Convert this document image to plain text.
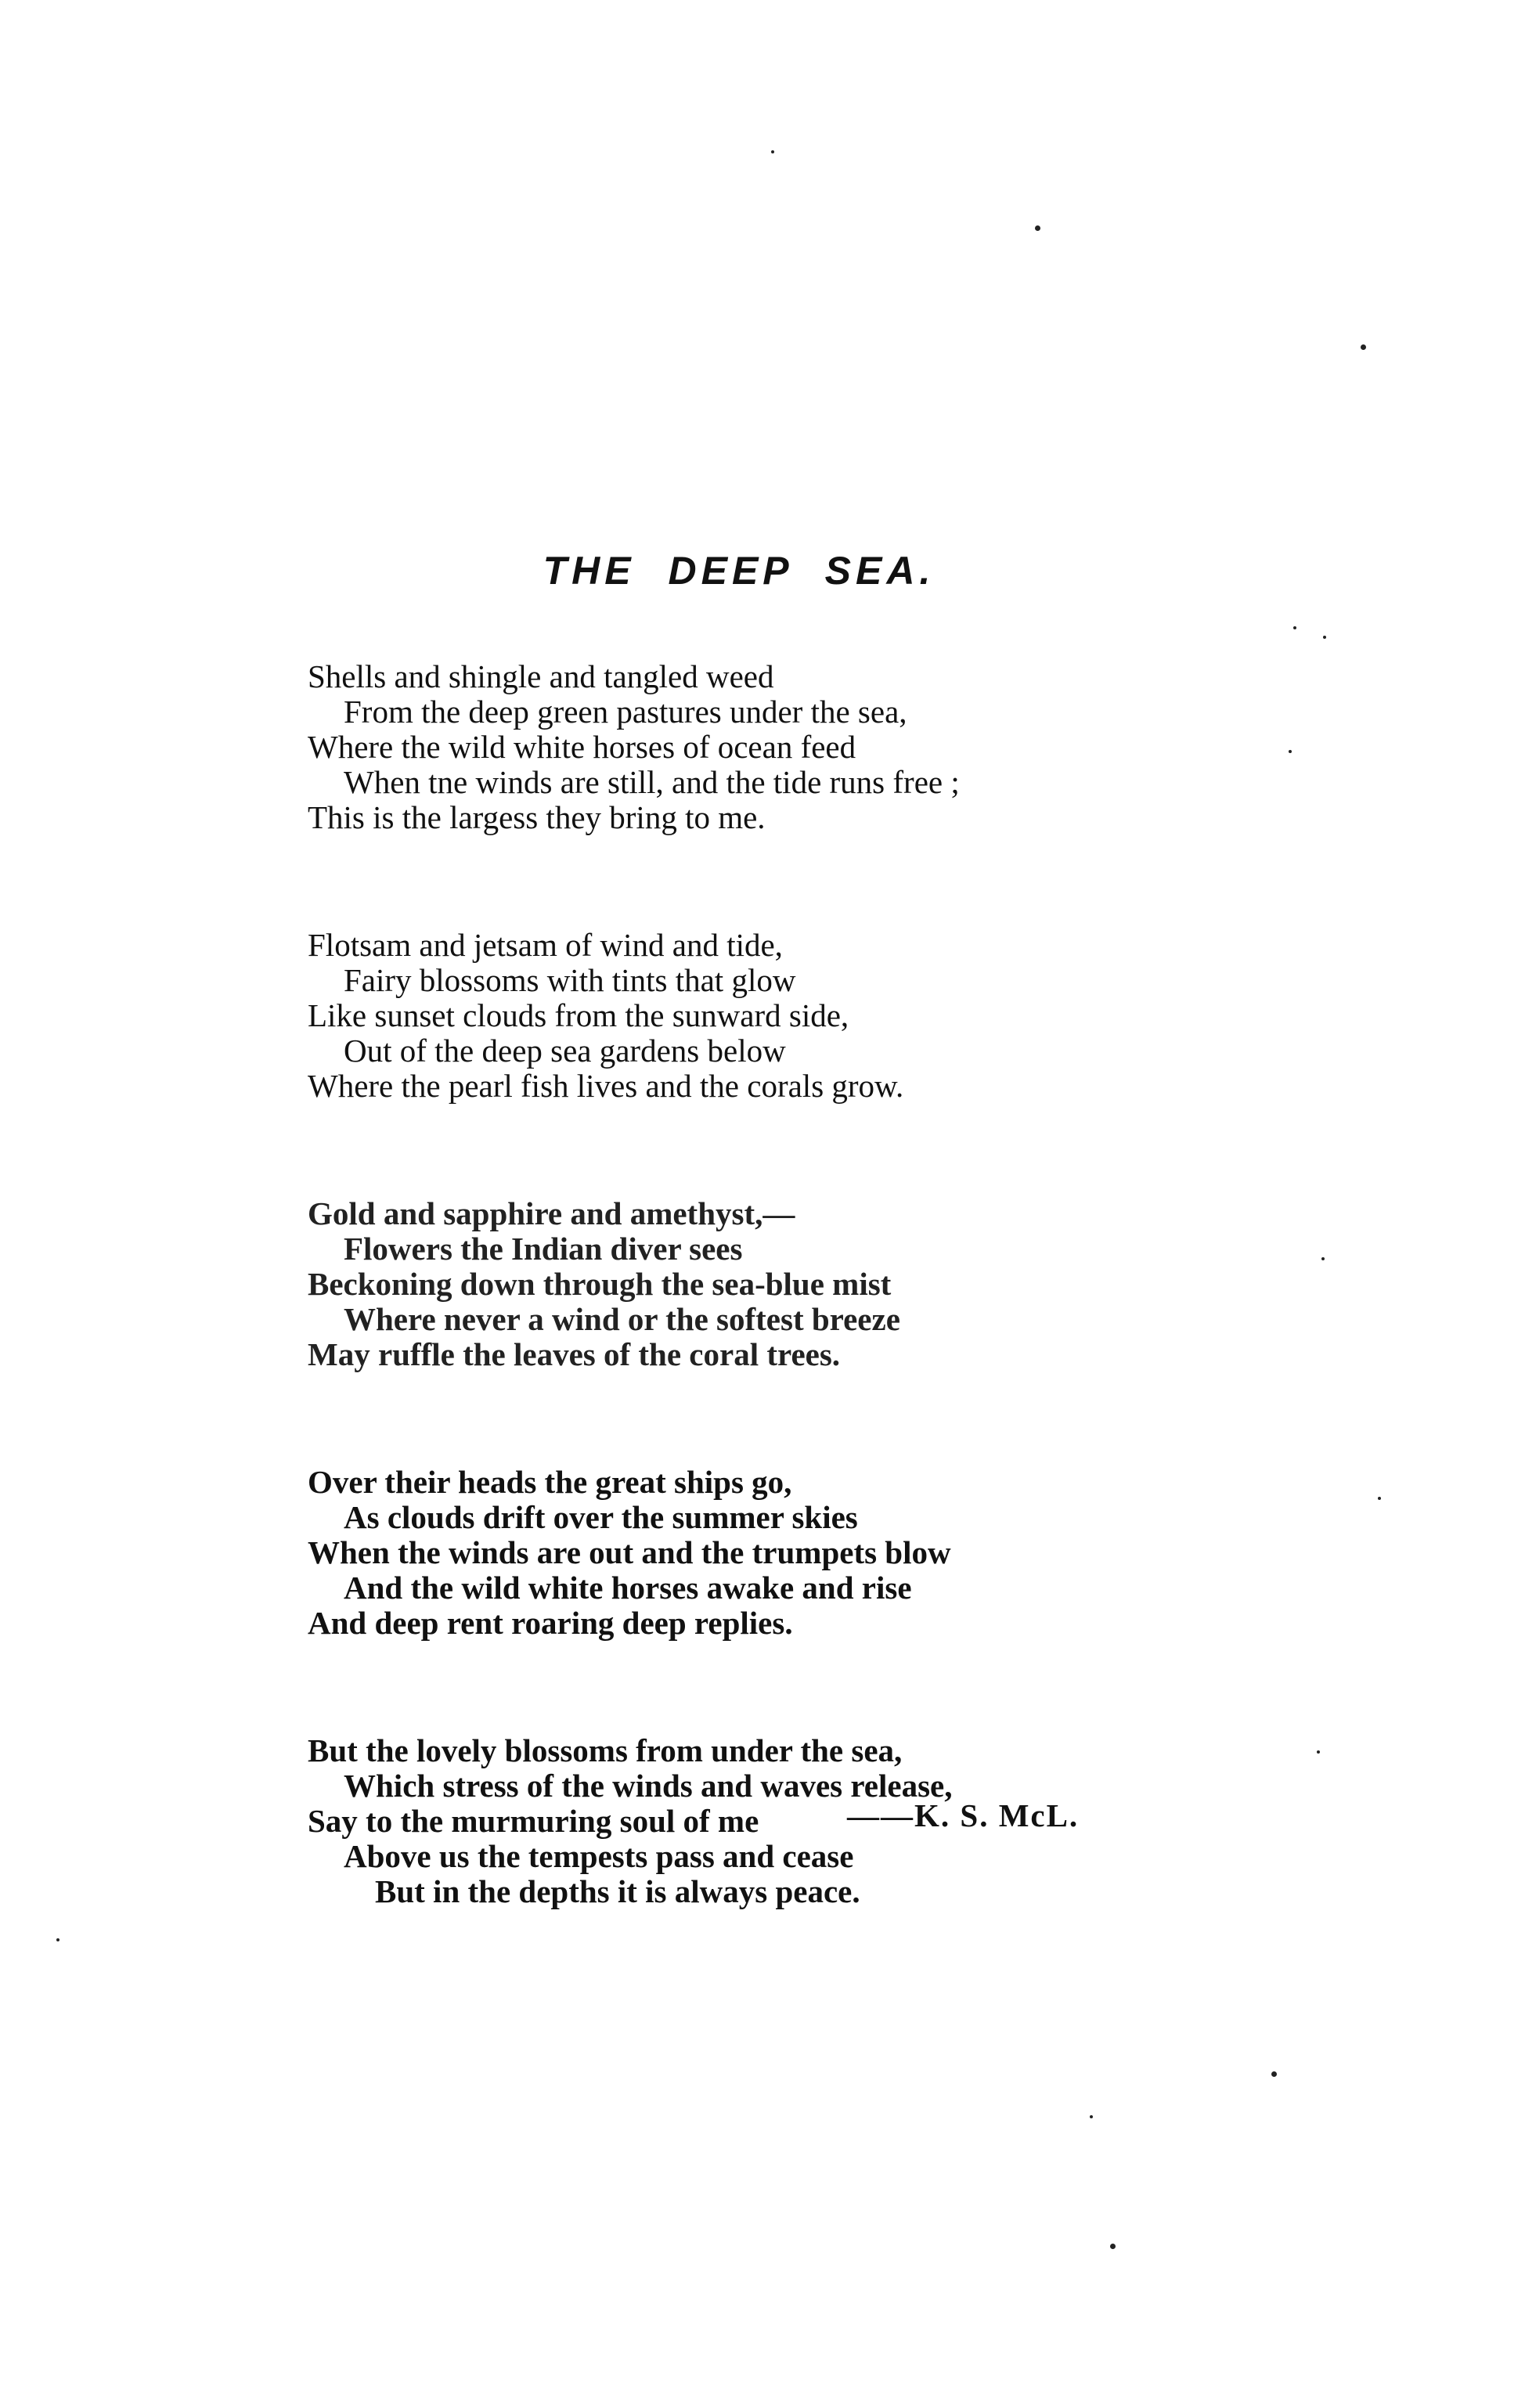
THE DEEP SEA.
Shells and shingle and tangled weed
From the deep green pastures under the sea,
Where the wild white horses of ocean feed
When tne winds are still, and the tide runs free ;
This is the largess they bring to me.
Flotsam and jetsam of wind and tide,
Fairy blossoms with tints that glow
Like sunset clouds from the sunward side,
Out of the deep sea gardens below
Where the pearl fish lives and the corals grow.
Gold and sapphire and amethyst,—
Flowers the Indian diver sees
Beckoning down through the sea-blue mist
Where never a wind or the softest breeze
May ruffle the leaves of the coral trees.
Over their heads the great ships go,
As clouds drift over the summer skies
When the winds are out and the trumpets blow
And the wild white horses awake and rise
And deep rent roaring deep replies.
But the lovely blossoms from under the sea,
Which stress of the winds and waves release,
Say to the murmuring soul of me
Above us the tempests pass and cease
But in the depths it is always peace.
——K. S. McL.
